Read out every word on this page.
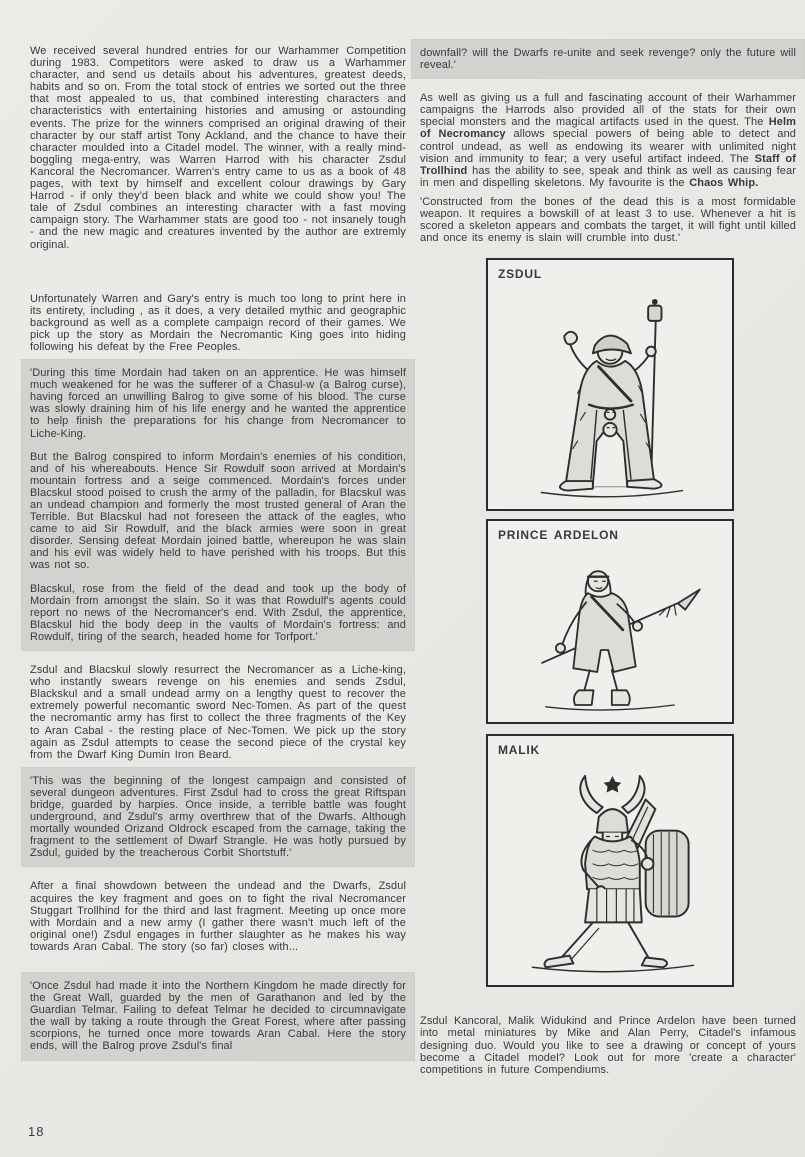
We received several hundred entries for our Warhammer Competition during 1983. Competitors were asked to draw us a Warhammer character, and send us details about his adventures, greatest deeds, habits and so on. From the total stock of entries we sorted out the three that most appealed to us, that combined interesting characters and characteristics with entertaining histories and amusing or astounding events. The prize for the winners comprised an original drawing of their character by our staff artist Tony Ackland, and the chance to have their character moulded into a Citadel model. The winner, with a really mind-boggling mega-entry, was Warren Harrod with his character Zsdul Kancoral the Necromancer. Warren's entry came to us as a book of 48 pages, with text by himself and excellent colour drawings by Gary Harrod - if only they'd been black and white we could show you! The tale of Zsdul combines an interesting character with a fast moving campaign story. The Warhammer stats are good too - not insanely tough - and the new magic and creatures invented by the author are extremly original.
Unfortunately Warren and Gary's entry is much too long to print here in its entirety, including , as it does, a very detailed mythic and geographic background as well as a complete campaign record of their games. We pick up the story as Mordain the Necromantic King goes into hiding following his defeat by the Free Peoples.

'During this time Mordain had taken on an apprentice. He was himself much weakened for he was the sufferer of a Chasul-w (a Balrog curse), having forced an unwilling Balrog to give some of his blood. The curse was slowly draining him of his life energy and he wanted the apprentice to help finish the preparations for his change from Necromancer to Liche-King.

But the Balrog conspired to inform Mordain's enemies of his condition, and of his whereabouts. Hence Sir Rowdulf soon arrived at Mordain's mountain fortress and a seige commenced. Mordain's forces under Blacskul stood poised to crush the army of the palladin, for Blacskul was an undead champion and formerly the most trusted general of Aran the Terrible. But Blacskul had not foreseen the attack of the eagles, who came to aid Sir Rowdulf, and the black armies were soon in great disorder. Sensing defeat Mordain joined battle, whereupon he was slain and his evil was widely held to have perished with his troops. But this was not so.

Blacskul, rose from the field of the dead and took up the body of Mordain from amongst the slain. So it was that Rowdulf's agents could report no news of the Necromancer's end. With Zsdul, the apprentice, Blacskul hid the body deep in the vaults of Mordain's fortress: and Rowdulf, tiring of the search, headed home for Torfport.'

Zsdul and Blacskul slowly resurrect the Necromancer as a Liche-king, who instantly swears revenge on his enemies and sends Zsdul, Blackskul and a small undead army on a lengthy quest to recover the extremely powerful necomantic sword Nec-Tomen. As part of the quest the necromantic army has first to collect the three fragments of the Key to Aran Cabal - the resting place of Nec-Tomen. We pick up the story again as Zsdul attempts to cease the second piece of the crystal key from the Dwarf King Dumin Iron Beard.

'This was the beginning of the longest campaign and consisted of several dungeon adventures. First Zsdul had to cross the great Riftspan bridge, guarded by harpies. Once inside, a terrible battle was fought underground, and Zsdul's army overthrew that of the Dwarfs. Although mortally wounded Orizand Oldrock escaped from the carnage, taking the fragment to the settlement of Dwarf Strangle. He was hotly pursued by Zsdul, guided by the treacherous Corbit Shortstuff.'

After a final showdown between the undead and the Dwarfs, Zsdul acquires the key fragment and goes on to fight the rival Necromancer Stuggart Trollhind for the third and last fragment. Meeting up once more with Mordain and a new army (I gather there wasn't much left of the original one!) Zsdul engages in further slaughter as he makes his way towards Aran Cabal. The story (so far) closes with...

'Once Zsdul had made it into the Northern Kingdom he made directly for the Great Wall, guarded by the men of Garathanon and led by the Guardian Telmar. Failing to defeat Telmar he decided to circumnavigate the wall by taking a route through the Great Forest, where after passing scorpions, he turned once more towards Aran Cabal. Here the story ends, will the Balrog prove Zsdul's final

downfall? will the Dwarfs re-unite and seek revenge? only the future will reveal.'

As well as giving us a full and fascinating account of their Warhammer campaigns the Harrods also provided all of the stats for their own special monsters and the magical artifacts used in the quest. The Helm of Necromancy allows special powers of being able to detect and control undead, as well as endowing its wearer with unlimited night vision and immunity to fear; a very useful artifact indeed. The Staff of Trollhind has the ability to see, speak and think as well as causing fear in men and dispelling skeletons. My favourite is the Chaos Whip.
'Constructed from the bones of the dead this is a most formidable weapon. It requires a bowskill of at least 3 to use. Whenever a hit is scored a skeleton appears and combats the target, it will fight until killed and once its enemy is slain will crumble into dust.'
ZSDUL
PRINCE ARDELON
MALIK
Zsdul Kancoral, Malik Widukind and Prince Ardelon have been turned into metal miniatures by Mike and Alan Perry, Citadel's infamous designing duo. Would you like to see a drawing or concept of yours become a Citadel model? Look out for more 'create a character' competitions in future Compendiums.
18
